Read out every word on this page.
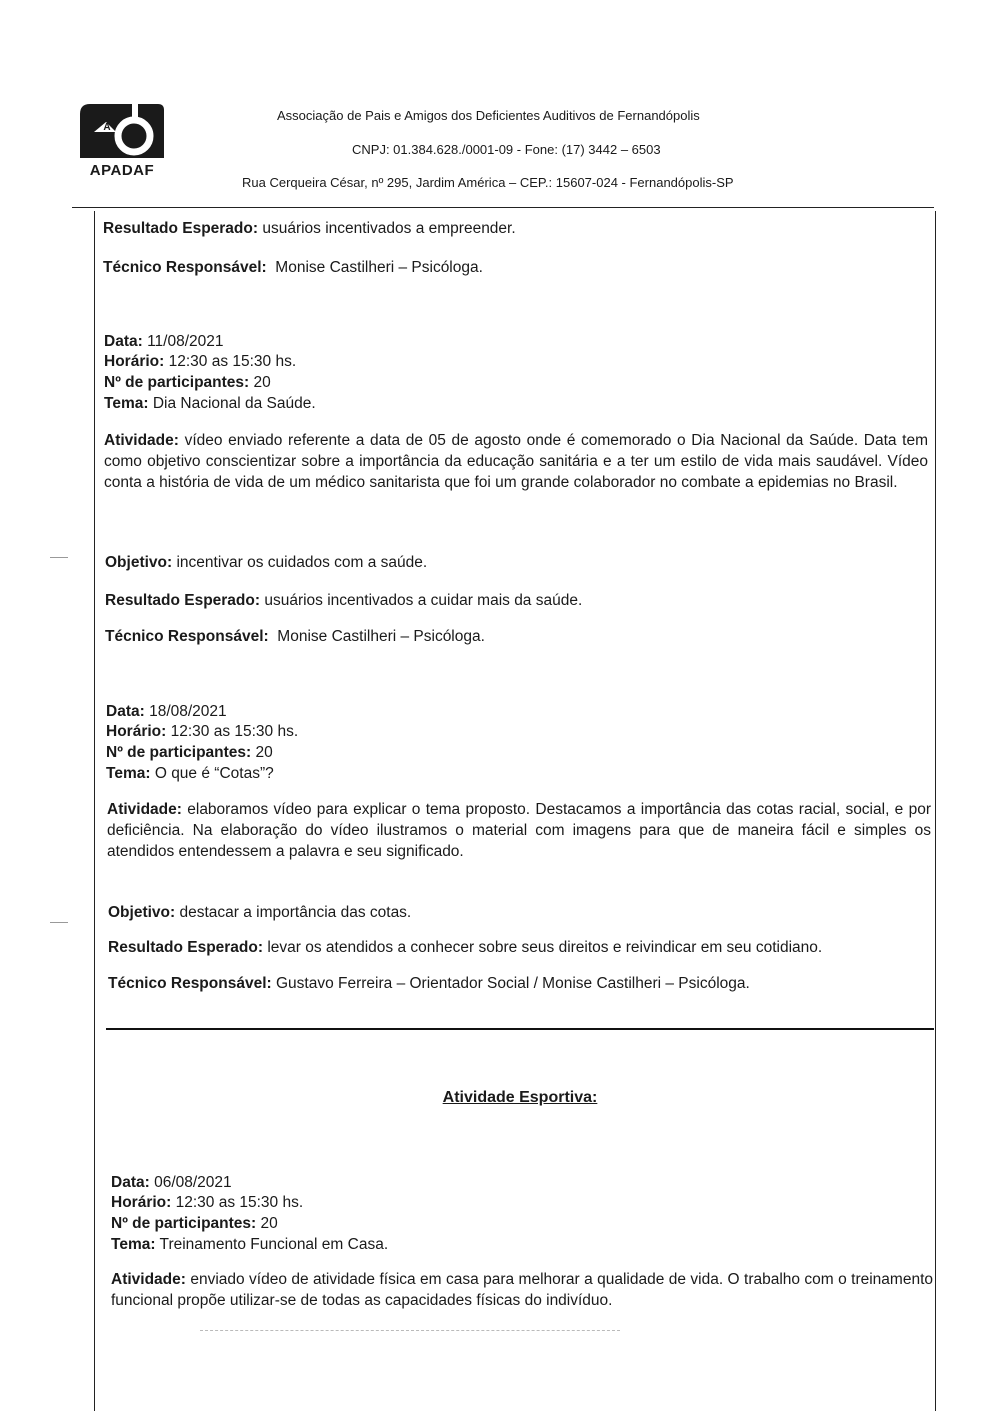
A
APADAF
Associação de Pais e Amigos dos Deficientes Auditivos de Fernandópolis
CNPJ: 01.384.628./0001-09 - Fone: (17) 3442 – 6503
Rua Cerqueira César, nº 295, Jardim América – CEP.: 15607-024 - Fernandópolis-SP
Resultado Esperado: usuários incentivados a empreender.
Técnico Responsável: Monise Castilheri – Psicóloga.
Data: 11/08/2021
Horário: 12:30 as 15:30 hs.
Nº de participantes: 20
Tema: Dia Nacional da Saúde.
Atividade: vídeo enviado referente a data de 05 de agosto onde é comemorado o Dia Nacional da Saúde. Data tem como objetivo conscientizar sobre a importância da educação sanitária e a ter um estilo de vida mais saudável. Vídeo conta a história de vida de um médico sanitarista que foi um grande colaborador no combate a epidemias no Brasil.
Objetivo: incentivar os cuidados com a saúde.
Resultado Esperado: usuários incentivados a cuidar mais da saúde.
Técnico Responsável: Monise Castilheri – Psicóloga.
Data: 18/08/2021
Horário: 12:30 as 15:30 hs.
Nº de participantes: 20
Tema: O que é “Cotas”?
Atividade: elaboramos vídeo para explicar o tema proposto. Destacamos a importância das cotas racial, social, e por deficiência. Na elaboração do vídeo ilustramos o material com imagens para que de maneira fácil e simples os atendidos entendessem a palavra e seu significado.
Objetivo: destacar a importância das cotas.
Resultado Esperado: levar os atendidos a conhecer sobre seus direitos e reivindicar em seu cotidiano.
Técnico Responsável: Gustavo Ferreira – Orientador Social / Monise Castilheri – Psicóloga.
Atividade Esportiva:
Data: 06/08/2021
Horário: 12:30 as 15:30 hs.
Nº de participantes: 20
Tema: Treinamento Funcional em Casa.
Atividade: enviado vídeo de atividade física em casa para melhorar a qualidade de vida. O trabalho com o treinamento funcional propõe utilizar-se de todas as capacidades físicas do indivíduo.
